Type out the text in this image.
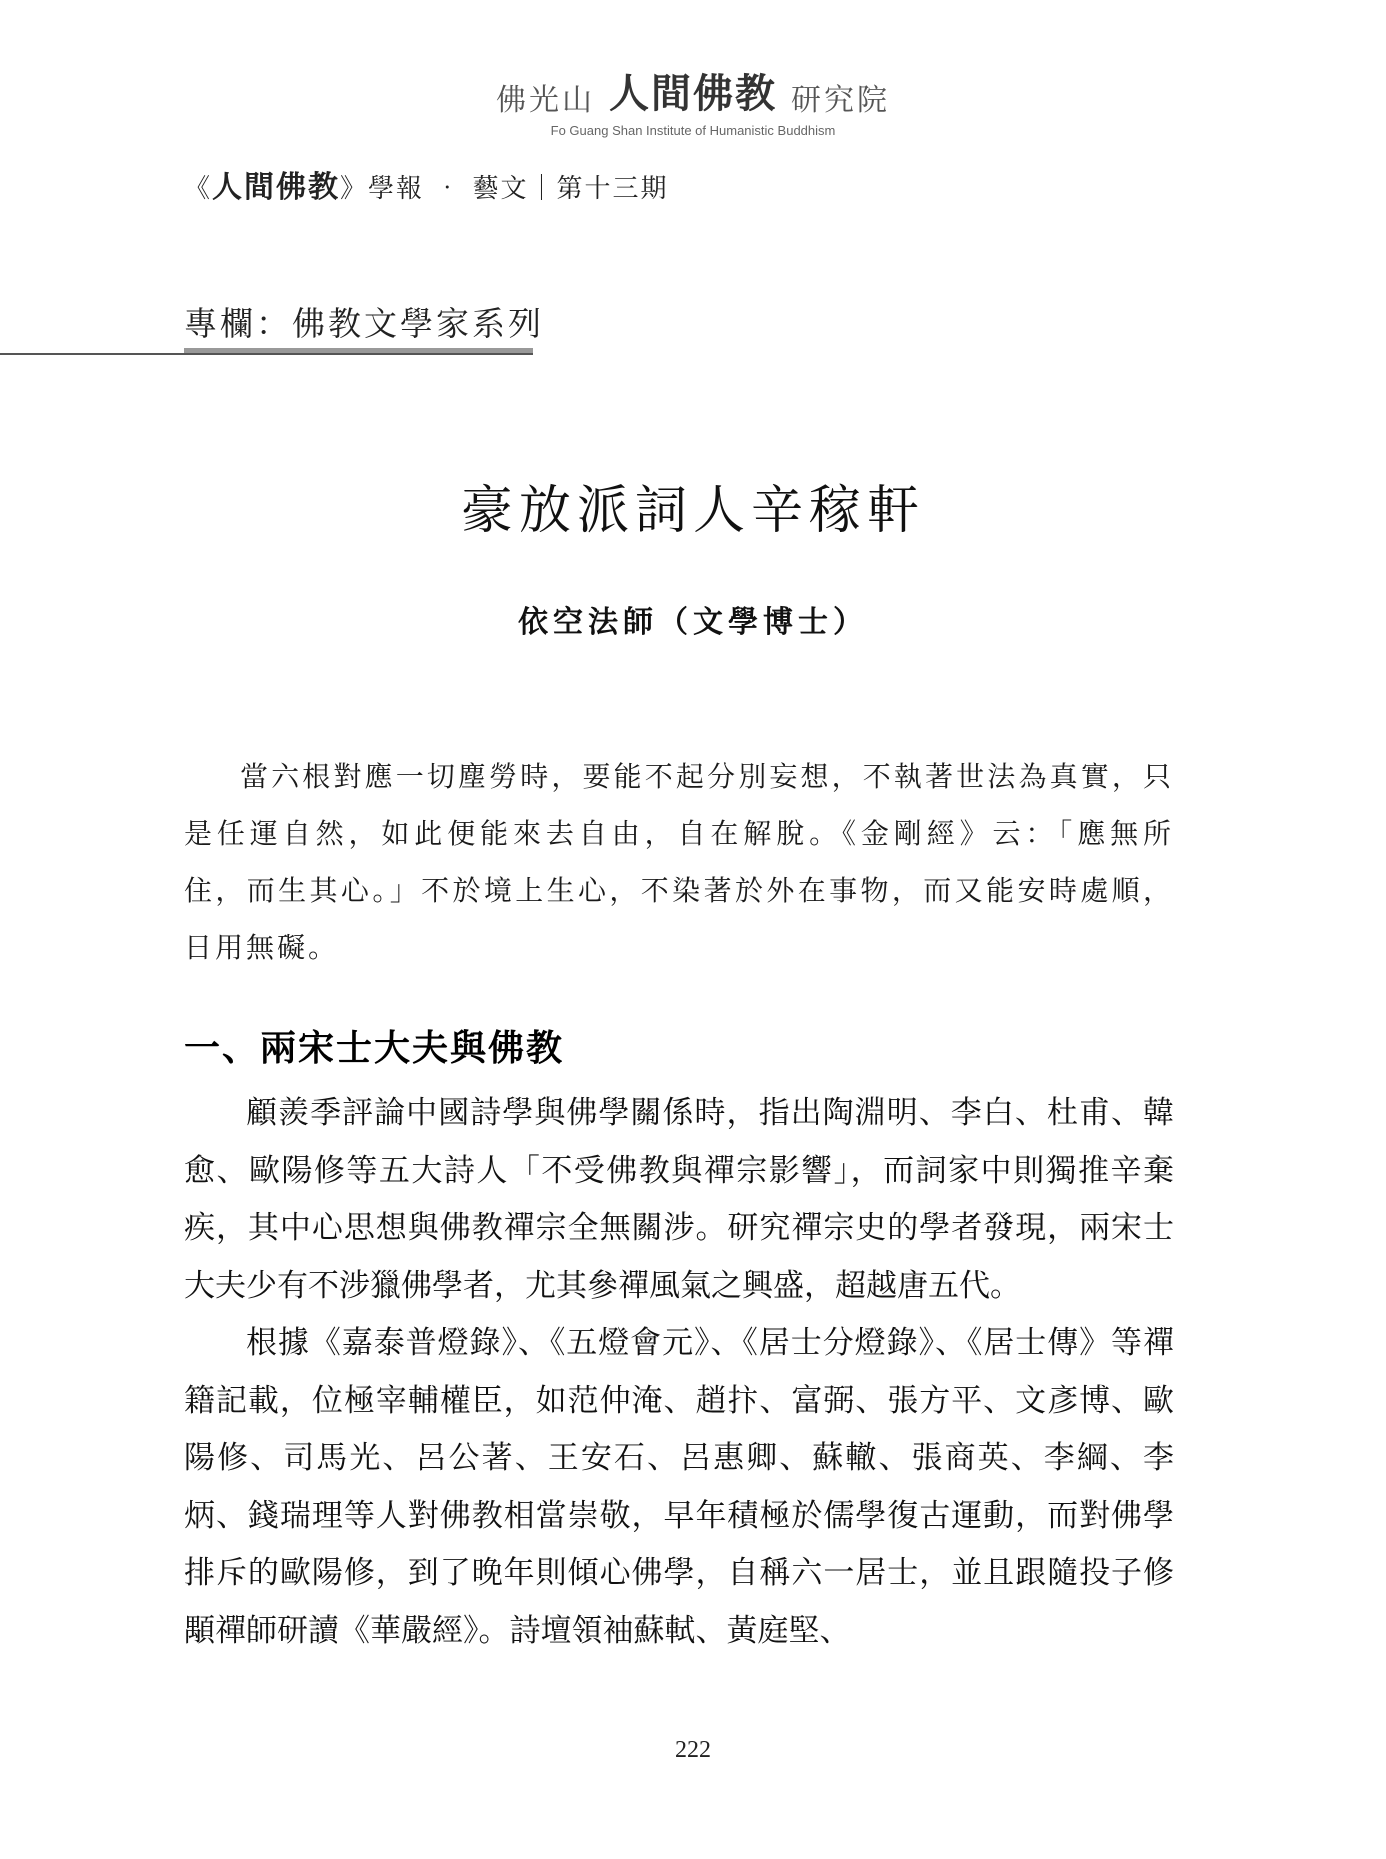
佛光山 人間佛教 研究院
Fo Guang Shan Institute of Humanistic Buddhism
《人間佛教》學報 ‧ 藝文｜第十三期
專欄：佛教文學家系列
豪放派詞人辛稼軒
依空法師（文學博士）
當六根對應一切塵勞時，要能不起分別妄想，不執著世法為真實，只是任運自然，如此便能來去自由，自在解脫。《金剛經》云：「應無所住，而生其心。」不於境上生心，不染著於外在事物，而又能安時處順，日用無礙。
一、兩宋士大夫與佛教

顧羨季評論中國詩學與佛學關係時，指出陶淵明、李白、杜甫、韓愈、歐陽修等五大詩人「不受佛教與禪宗影響」，而詞家中則獨推辛棄疾，其中心思想與佛教禪宗全無關涉。研究禪宗史的學者發現，兩宋士大夫少有不涉獵佛學者，尤其參禪風氣之興盛，超越唐五代。

根據《嘉泰普燈錄》、《五燈會元》、《居士分燈錄》、《居士傳》等禪籍記載，位極宰輔權臣，如范仲淹、趙抃、富弼、張方平、文彥博、歐陽修、司馬光、呂公著、王安石、呂惠卿、蘇轍、張商英、李綱、李炳、錢瑞理等人對佛教相當崇敬，早年積極於儒學復古運動，而對佛學排斥的歐陽修，到了晚年則傾心佛學，自稱六一居士，並且跟隨投子修顒禪師研讀《華嚴經》。詩壇領袖蘇軾、黃庭堅、

222
